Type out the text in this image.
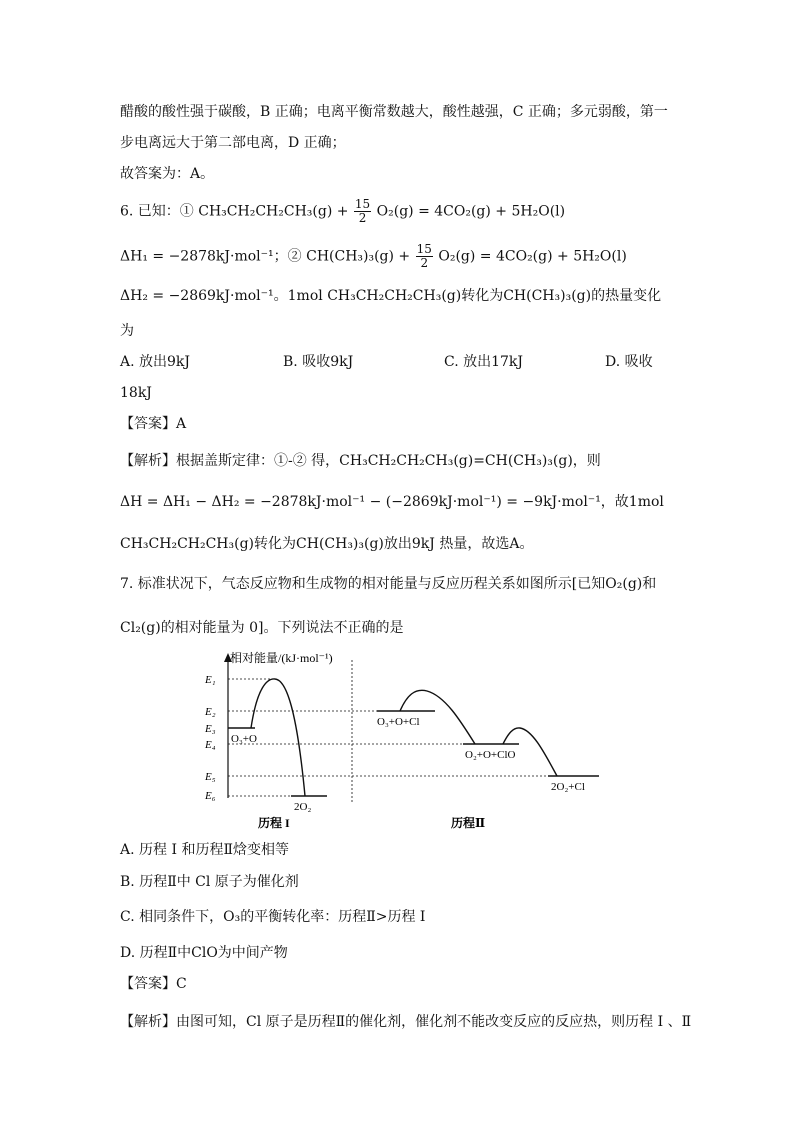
醋酸的酸性强于碳酸，B 正确；电离平衡常数越大，酸性越强，C 正确；多元弱酸，第一
步电离远大于第二部电离，D 正确；
故答案为：A。
6. 已知：① $CH_3CH_2CH_2CH_3(g) + \frac{15}{2} O_2(g) = 4CO_2(g) + 5H_2O(l)$
ΔH₁ = −2878kJ·mol⁻¹；② $CH(CH_3)_3(g) + \frac{15}{2} O_2(g) = 4CO_2(g) + 5H_2O(l)$
ΔH₂ = −2869kJ·mol⁻¹。1mol CH₃CH₂CH₂CH₃(g)转化为CH(CH₃)₃(g)的热量变化
为
A. 放出9kJ	B. 吸收9kJ	C. 放出17kJ	D. 吸收
18kJ
【答案】A
【解析】根据盖斯定律：①-② 得，CH₃CH₂CH₂CH₃(g)=CH(CH₃)₃(g)，则
ΔH = ΔH₁ − ΔH₂ = −2878kJ·mol⁻¹ − (−2869kJ·mol⁻¹) = −9kJ·mol⁻¹，故1mol
CH₃CH₂CH₂CH₃(g)转化为CH(CH₃)₃(g)放出9kJ 热量，故选A。
7. 标准状况下，气态反应物和生成物的相对能量与反应历程关系如图所示[已知O₂(g)和
Cl₂(g)的相对能量为 0]。下列说法不正确的是
相对能量/(kJ·mol⁻¹)
E₁
E₂
E₃
E₄
E₅
E₆
O₃+O
2O₂
O₃+O+Cl
O₂+O+ClO
2O₂+Cl
历程 I	历程Ⅱ
A. 历程 I 和历程Ⅱ焓变相等
B. 历程Ⅱ中 Cl 原子为催化剂
C. 相同条件下，O₃的平衡转化率：历程Ⅱ>历程 I
D. 历程Ⅱ中ClO为中间产物
【答案】C
【解析】由图可知，Cl 原子是历程Ⅱ的催化剂，催化剂不能改变反应的反应热，则历程 I 、Ⅱ
